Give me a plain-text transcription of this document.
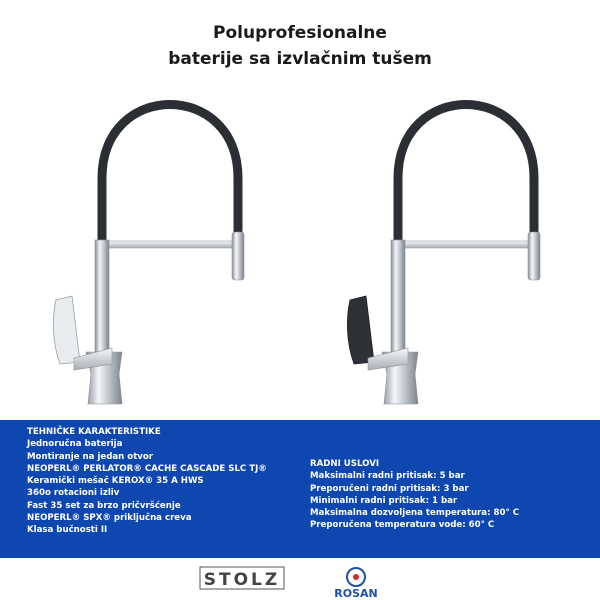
Poluprofesionalne
baterije sa izvlačnim tušem
TEHNIČKE KARAKTERISTIKE
Jednoručna baterija
Montiranje na jedan otvor
NEOPERL® PERLATOR® CACHE CASCADE SLC TJ®
Keramički mešač KEROX® 35 A HWS
360o rotacioni izliv
Fast 35 set za brzo pričvršćenje
NEOPERL® SPX® priključna creva
Klasa bučnosti II
RADNI USLOVI
Maksimalni radni pritisak: 5 bar
Preporučeni radni pritisak: 3 bar
Minimalni radni pritisak: 1 bar
Maksimalna dozvoljena temperatura: 80° C
Preporučena temperatura vode: 60° C
STOLZ
ROSAN
